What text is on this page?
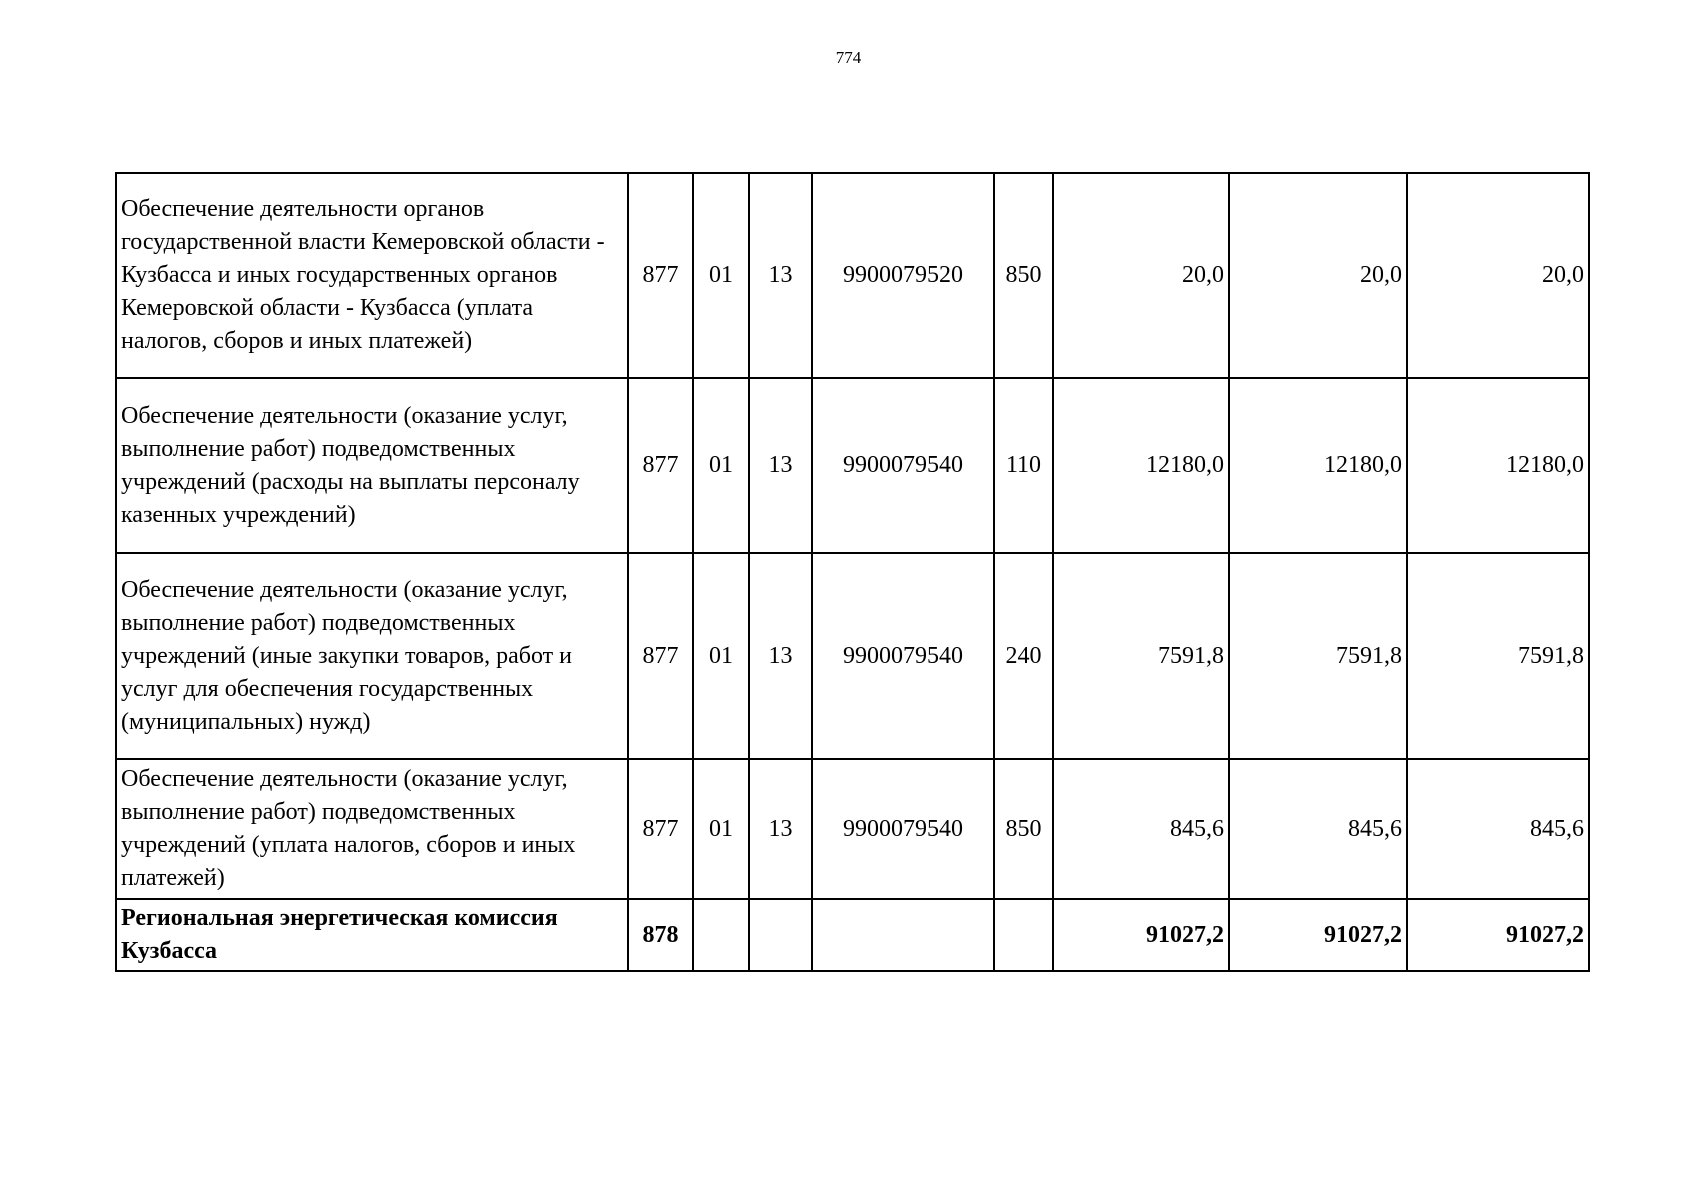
774
Обеспечение деятельности органов государственной власти Кемеровской области - Кузбасса и иных государственных органов Кемеровской области - Кузбасса (уплата налогов, сборов и иных платежей)	877	01	13	9900079520	850	20,0	20,0	20,0
Обеспечение деятельности (оказание услуг, выполнение работ) подведомственных учреждений (расходы на выплаты персоналу казенных учреждений)	877	01	13	9900079540	110	12180,0	12180,0	12180,0
Обеспечение деятельности (оказание услуг, выполнение работ) подведомственных учреждений (иные закупки товаров, работ и услуг для обеспечения государственных (муниципальных) нужд)	877	01	13	9900079540	240	7591,8	7591,8	7591,8
Обеспечение деятельности (оказание услуг, выполнение работ) подведомственных учреждений (уплата налогов, сборов и иных платежей)	877	01	13	9900079540	850	845,6	845,6	845,6
Региональная энергетическая комиссия Кузбасса	878					91027,2	91027,2	91027,2
